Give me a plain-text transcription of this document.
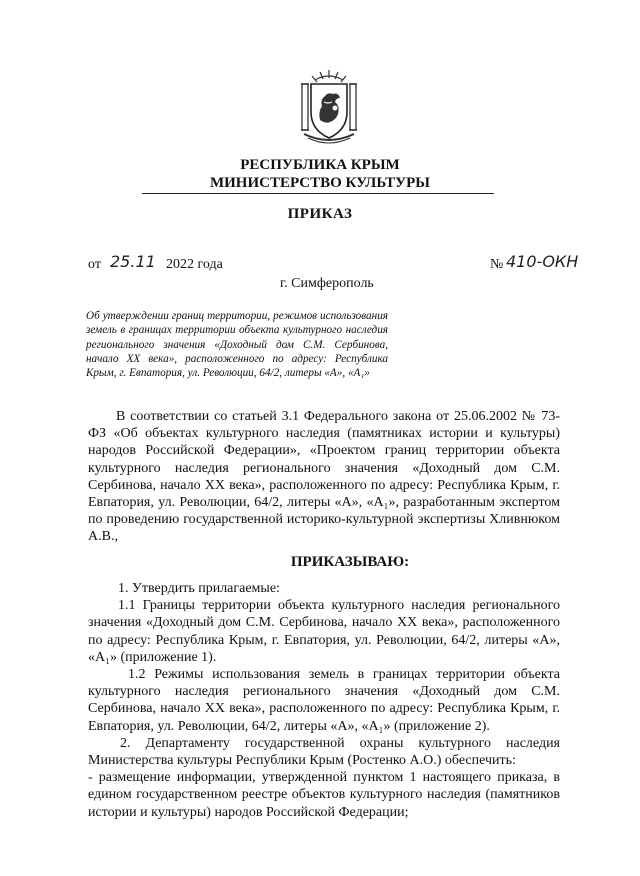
РЕСПУБЛИКА КРЫМ
МИНИСТЕРСТВО КУЛЬТУРЫ
ПРИКАЗ
от 25.11 2022 года	№ 410-ОКН
г. Симферополь
Об утверждении границ территории, режимов использования земель в границах территории объекта культурного наследия регионального значения «Доходный дом С.М. Сербинова, начало XX века», расположенного по адресу: Республика Крым, г. Евпатория, ул. Революции, 64/2, литеры «А», «А₁»

В соответствии со статьей 3.1 Федерального закона от 25.06.2002 № 73-ФЗ «Об объектах культурного наследия (памятниках истории и культуры) народов Российской Федерации», «Проектом границ территории объекта культурного наследия регионального значения «Доходный дом С.М. Сербинова, начало XX века», расположенного по адресу: Республика Крым, г. Евпатория, ул. Революции, 64/2, литеры «А», «А₁», разработанным экспертом по проведению государственной историко-культурной экспертизы Хливнюком А.В.,

ПРИКАЗЫВАЮ:

1. Утвердить прилагаемые:

1.1 Границы территории объекта культурного наследия регионального значения «Доходный дом С.М. Сербинова, начало XX века», расположенного по адресу: Республика Крым, г. Евпатория, ул. Революции, 64/2, литеры «А», «А₁» (приложение 1).

1.2 Режимы использования земель в границах территории объекта культурного наследия регионального значения «Доходный дом С.М. Сербинова, начало XX века», расположенного по адресу: Республика Крым, г. Евпатория, ул. Революции, 64/2, литеры «А», «А₁» (приложение 2).

2. Департаменту государственной охраны культурного наследия Министерства культуры Республики Крым (Ростенко А.О.) обеспечить:

- размещение информации, утвержденной пунктом 1 настоящего приказа, в едином государственном реестре объектов культурного наследия (памятников истории и культуры) народов Российской Федерации;
